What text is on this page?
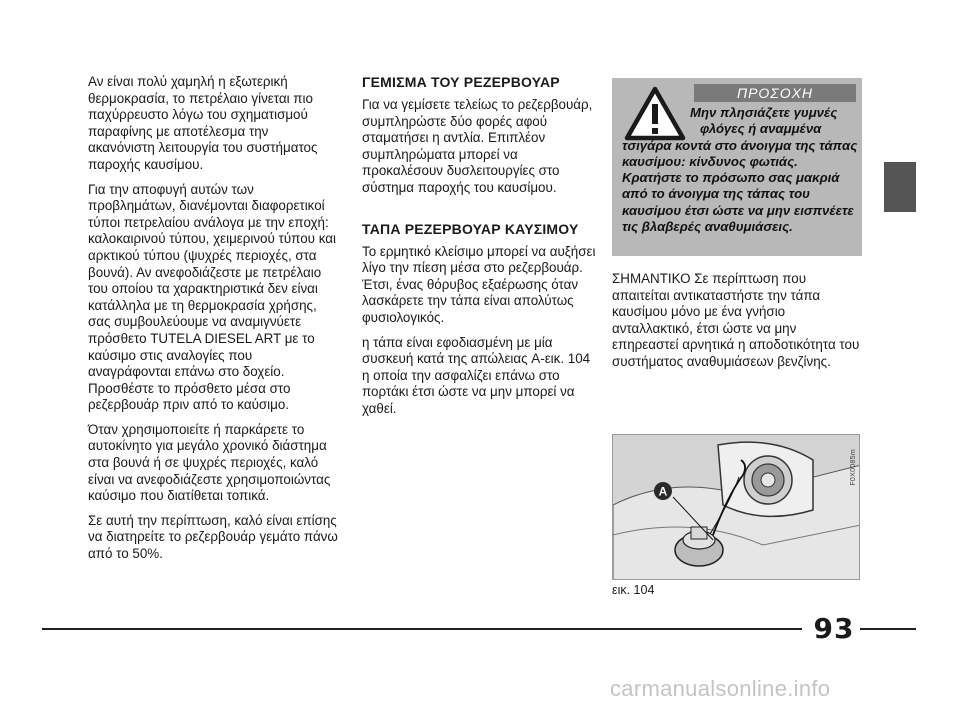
Αν είναι πολύ χαμηλή η εξωτερική θερμοκρασία, το πετρέλαιο γίνεται πιο παχύρρευστο λόγω του σχηματισμού παραφίνης με αποτέλεσμα την ακανόνιστη λειτουργία του συστήματος παροχής καυσίμου.

Για την αποφυγή αυτών των προβλημάτων, διανέμονται διαφορετικοί τύποι πετρελαίου ανάλογα με την εποχή: καλοκαιρινού τύπου, χειμερινού τύπου και αρκτικού τύπου (ψυχρές περιοχές, στα βουνά). Αν ανεφοδιάζεστε με πετρέλαιο του οποίου τα χαρακτηριστικά δεν είναι κατάλληλα με τη θερμοκρασία χρήσης, σας συμβουλεύουμε να αναμιγνύετε πρόσθετο TUTELA DIESEL ART με το καύσιμο στις αναλογίες που αναγράφονται επάνω στο δοχείο. Προσθέστε το πρόσθετο μέσα στο ρεζερβουάρ πριν από το καύσιμο.

Όταν χρησιμοποιείτε ή παρκάρετε το αυτοκίνητο για μεγάλο χρονικό διάστημα στα βουνά ή σε ψυχρές περιοχές, καλό είναι να ανεφοδιάζεστε χρησιμοποιώντας καύσιμο που διατίθεται τοπικά.

Σε αυτή την περίπτωση, καλό είναι επίσης να διατηρείτε το ρεζερβουάρ γεμάτο πάνω από το 50%.

ΓΕΜΙΣΜΑ ΤΟΥ ΡΕΖΕΡΒΟΥΑΡ

Για να γεμίσετε τελείως το ρεζερβουάρ, συμπληρώστε δύο φορές αφού σταματήσει η αντλία. Επιπλέον συμπληρώματα μπορεί να προκαλέσουν δυσλειτουργίες στο σύστημα παροχής του καυσίμου.

ΤΑΠΑ ΡΕΖΕΡΒΟΥΑΡ ΚΑΥΣΙΜΟΥ

Το ερμητικό κλείσιμο μπορεί να αυξήσει λίγο την πίεση μέσα στο ρεζερβουάρ. Έτσι, ένας θόρυβος εξαέρωσης όταν λασκάρετε την τάπα είναι απολύτως φυσιολογικός.

η τάπα είναι εφοδιασμένη με μία συσκευή κατά της απώλειας A-εικ. 104 η οποία την ασφαλίζει επάνω στο πορτάκι έτσι ώστε να μην μπορεί να χαθεί.

ΠΡΟΣΟΧΗ
Μην πλησιάζετε γυμνές
φλόγες ή αναμμένα
τσιγάρα κοντά στο άνοιγμα της τάπας καυσίμου: κίνδυνος φωτιάς. Κρατήστε το πρόσωπο σας μακριά από το άνοιγμα της τάπας του καυσίμου έτσι ώστε να μην εισπνέετε τις βλαβερές αναθυμιάσεις.
ΣΗΜΑΝΤΙΚΟ Σε περίπτωση που απαιτείται αντικαταστήστε την τάπα καυσίμου μόνο με ένα γνήσιο ανταλλακτικό, έτσι ώστε να μην επηρεαστεί αρνητικά η αποδοτικότητα του συστήματος αναθυμιάσεων βενζίνης.
A
F0X0085m
εικ. 104
93
carmanualsonline.info
